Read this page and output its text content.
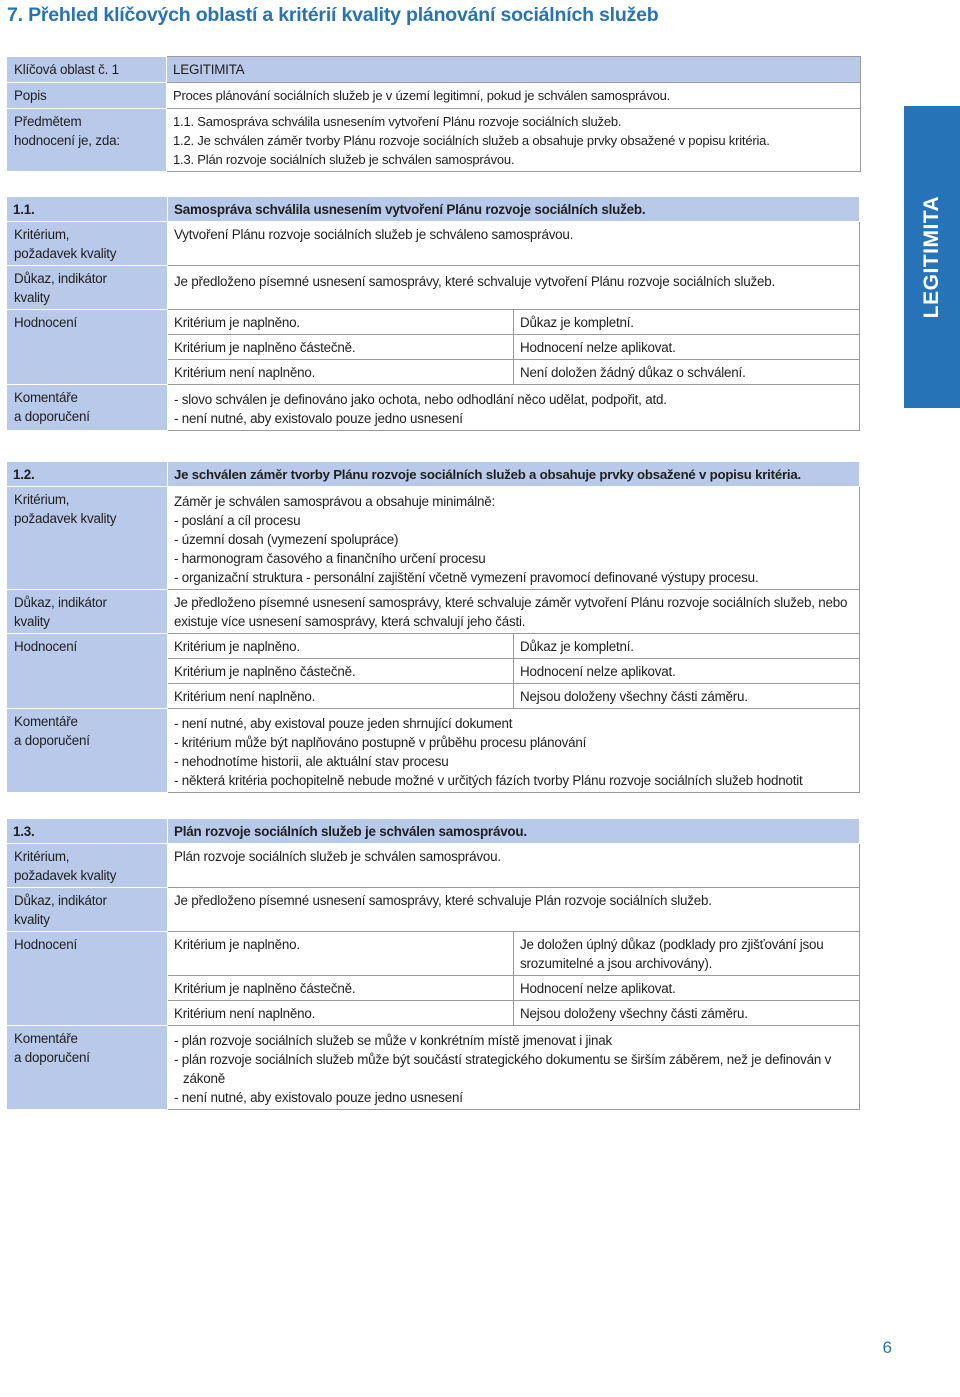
7. Přehled klíčových oblastí a kritérií kvality plánování sociálních služeb
LEGITIMITA
Klíčová oblast č. 1	LEGITIMITA
Popis	Proces plánování sociálních služeb je v území legitimní, pokud je schválen samosprávou.

Předmětem
hodnocení je, zda:	1.1. Samospráva schválila usnesením vytvoření Plánu rozvoje sociálních služeb.
1.2. Je schválen záměr tvorby Plánu rozvoje sociálních služeb a obsahuje prvky obsažené v popisu kritéria.
1.3. Plán rozvoje sociálních služeb je schválen samosprávou.
1.1.	Samospráva schválila usnesením vytvoření Plánu rozvoje sociálních služeb.	

Kritérium,
požadavek kvality	Vytvoření Plánu rozvoje sociálních služeb je schváleno samosprávou.	

Důkaz, indikátor
kvality	Je předloženo písemné usnesení samosprávy, které schvaluje vytvoření Plánu rozvoje sociálních služeb.	
Hodnocení	Kritérium je naplněno.	Důkaz je kompletní.
	Kritérium je naplněno částečně.	Hodnocení nelze aplikovat.
	Kritérium není naplněno.	Není doložen žádný důkaz o schválení.

Komentáře
a doporučení	- slovo schválen je definováno jako ochota, nebo odhodlání něco udělat, podpořit, atd.
- není nutné, aby existovalo pouze jedno usnesení	
1.2.	Je schválen záměr tvorby Plánu rozvoje sociálních služeb a obsahuje prvky obsažené v popisu kritéria.	

Kritérium,
požadavek kvality	Záměr je schválen samosprávou a obsahuje minimálně:
- poslání a cíl procesu
- územní dosah (vymezení spolupráce)
- harmonogram časového a finančního určení procesu
- organizační struktura - personální zajištění včetně vymezení pravomocí definované výstupy procesu.	

Důkaz, indikátor
kvality	Je předloženo písemné usnesení samosprávy, které schvaluje záměr vytvoření Plánu rozvoje sociálních služeb, nebo existuje více usnesení samosprávy, která schvalují jeho části.	
Hodnocení	Kritérium je naplněno.	Důkaz je kompletní.
	Kritérium je naplněno částečně.	Hodnocení nelze aplikovat.
	Kritérium není naplněno.	Nejsou doloženy všechny části záměru.

Komentáře
a doporučení	- není nutné, aby existoval pouze jeden shrnující dokument
- kritérium může být naplňováno postupně v průběhu procesu plánování
- nehodnotíme historii, ale aktuální stav procesu
- některá kritéria pochopitelně nebude možné v určitých fázích tvorby Plánu rozvoje sociálních služeb hodnotit	
1.3.	Plán rozvoje sociálních služeb je schválen samosprávou.	

Kritérium,
požadavek kvality	Plán rozvoje sociálních služeb je schválen samosprávou.	

Důkaz, indikátor
kvality	Je předloženo písemné usnesení samosprávy, které schvaluje Plán rozvoje sociálních služeb.	
Hodnocení	Kritérium je naplněno.	Je doložen úplný důkaz (podklady pro zjišťování jsou srozumitelné a jsou archivovány).
	Kritérium je naplněno částečně.	Hodnocení nelze aplikovat.
	Kritérium není naplněno.	Nejsou doloženy všechny části záměru.

Komentáře
a doporučení	- plán rozvoje sociálních služeb se může v konkrétním místě jmenovat i jinak
- plán rozvoje sociálních služeb může být součástí strategického dokumentu se širším záběrem, než je definován v zákoně
- není nutné, aby existovalo pouze jedno usnesení	
6
